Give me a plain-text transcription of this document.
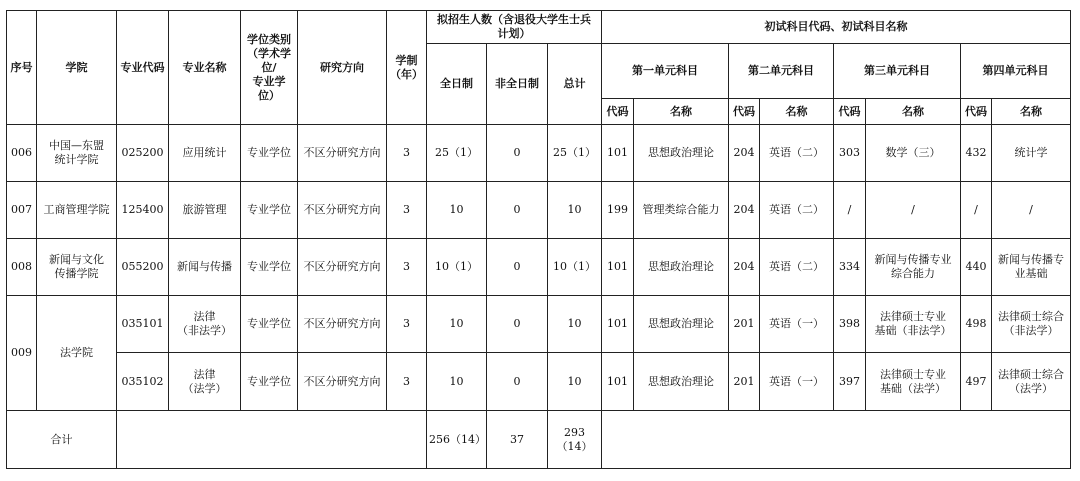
序号	学院	专业代码	专业名称	学位类别
（学术学
位/
专业学
位）	研究方向	学制
（年）	拟招生人数（含退役大学生士兵
计划）			初试科目代码、初试科目名称							
							全日制	非全日制	总计	第一单元科目		第二单元科目		第三单元科目		第四单元科目	
										代码	名称	代码	名称	代码	名称	代码	名称
006	中国—东盟
统计学院	025200	应用统计	专业学位	不区分研究方向	3	25（1）	0	25（1）	101	思想政治理论	204	英语（二）	303	数学（三）	432	统计学
007	工商管理学院	125400	旅游管理	专业学位	不区分研究方向	3	10	0	10	199	管理类综合能力	204	英语（二）	/	/	/	/
008	新闻与文化
传播学院	055200	新闻与传播	专业学位	不区分研究方向	3	10（1）	0	10（1）	101	思想政治理论	204	英语（二）	334	新闻与传播专业
综合能力	440	新闻与传播专
业基础
009	法学院	035101	法律
（非法学）	专业学位	不区分研究方向	3	10	0	10	101	思想政治理论	201	英语（一）	398	法律硕士专业
基础（非法学）	498	法律硕士综合
（非法学）
		035102	法律
（法学）	专业学位	不区分研究方向	3	10	0	10	101	思想政治理论	201	英语（一）	397	法律硕士专业
基础（法学）	497	法律硕士综合
（法学）
合计							256（14）	37	293
（14）								
